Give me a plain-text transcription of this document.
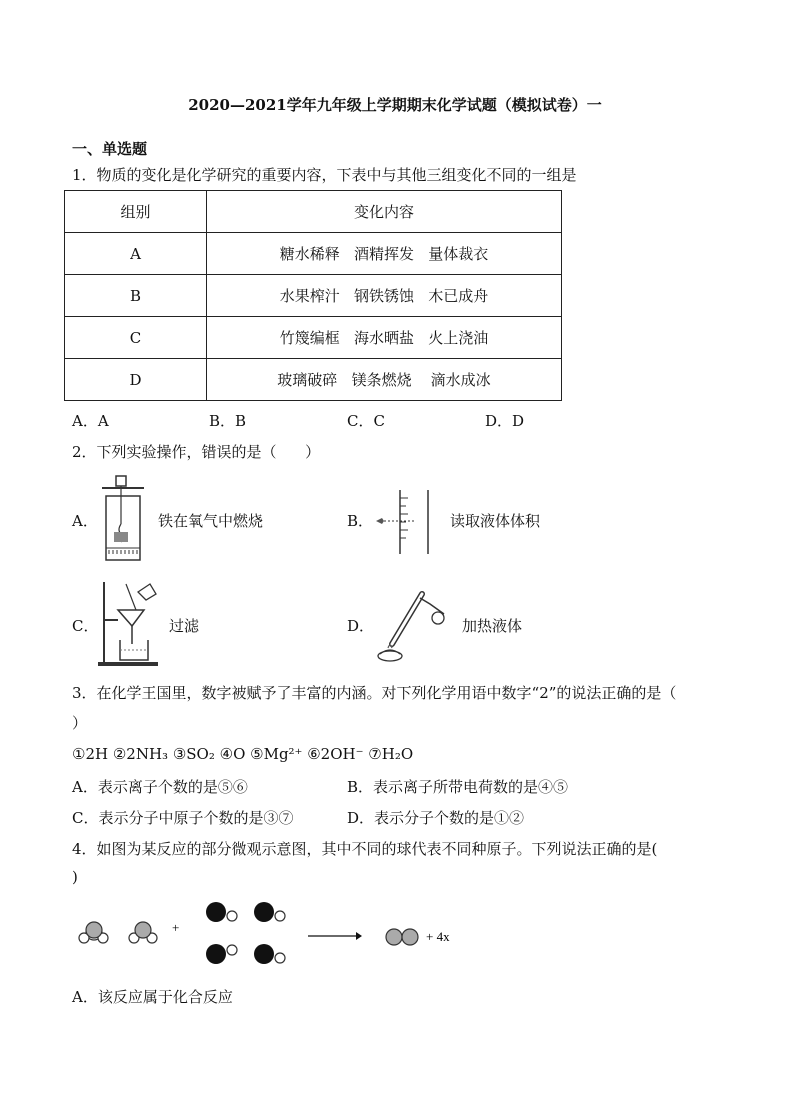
2020—2021学年九年级上学期期末化学试题（模拟试卷）一
一、单选题
1．物质的变化是化学研究的重要内容，下表中与其他三组变化不同的一组是
组别	变化内容
A	糖水稀释   酒精挥发   量体裁衣
B	水果榨汁   钢铁锈蚀   木已成舟
C	竹篾编框   海水晒盐   火上浇油
D	玻璃破碎   镁条燃烧    滴水成冰
A．A	B．B	C．C	D．D
2．下列实验操作，错误的是（      ）
A．	铁在氧气中燃烧	B．	读取液体体积
C．	过滤	D．	加热液体
3．在化学王国里，数字被赋予了丰富的内涵。对下列化学用语中数字“2”的说法正确的是（
）
①2H ②2NH₃ ③SO₂ ④O ⑤Mg²⁺ ⑥2OH⁻ ⑦H₂O
A．表示离子个数的是⑤⑥	B．表示离子所带电荷数的是④⑤
C．表示分子中原子个数的是③⑦	D．表示分子个数的是①②
4．如图为某反应的部分微观示意图，其中不同的球代表不同种原子。下列说法正确的是(
)
+
+ 4x
A．该反应属于化合反应
